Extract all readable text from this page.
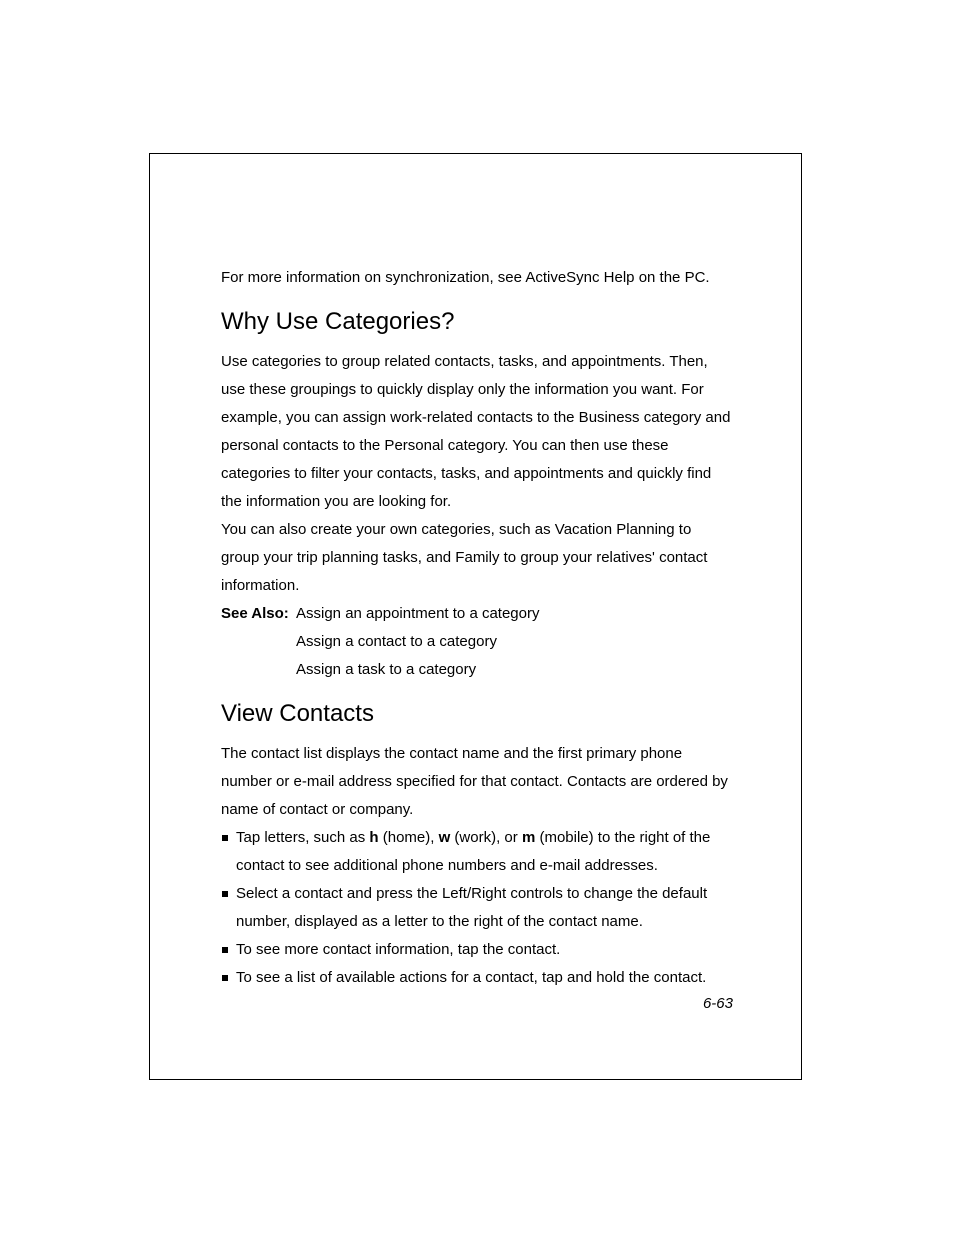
For more information on synchronization, see ActiveSync Help on the PC.

Why Use Categories?

Use categories to group related contacts, tasks, and appointments. Then, use these groupings to quickly display only the information you want. For example, you can assign work-related contacts to the Business category and personal contacts to the Personal category. You can then use these categories to filter your contacts, tasks, and appointments and quickly find the information you are looking for.

You can also create your own categories, such as Vacation Planning to group your trip planning tasks, and Family to group your relatives' contact information.

See Also: Assign an appointment to a category
Assign a contact to a category
Assign a task to a category
View Contacts

The contact list displays the contact name and the first primary phone number or e-mail address specified for that contact. Contacts are ordered by name of contact or company.

Tap letters, such as h (home), w (work), or m (mobile) to the right of the contact to see additional phone numbers and e-mail addresses.
Select a contact and press the Left/Right controls to change the default number, displayed as a letter to the right of the contact name.
To see more contact information, tap the contact.
To see a list of available actions for a contact, tap and hold the contact.
6-63
